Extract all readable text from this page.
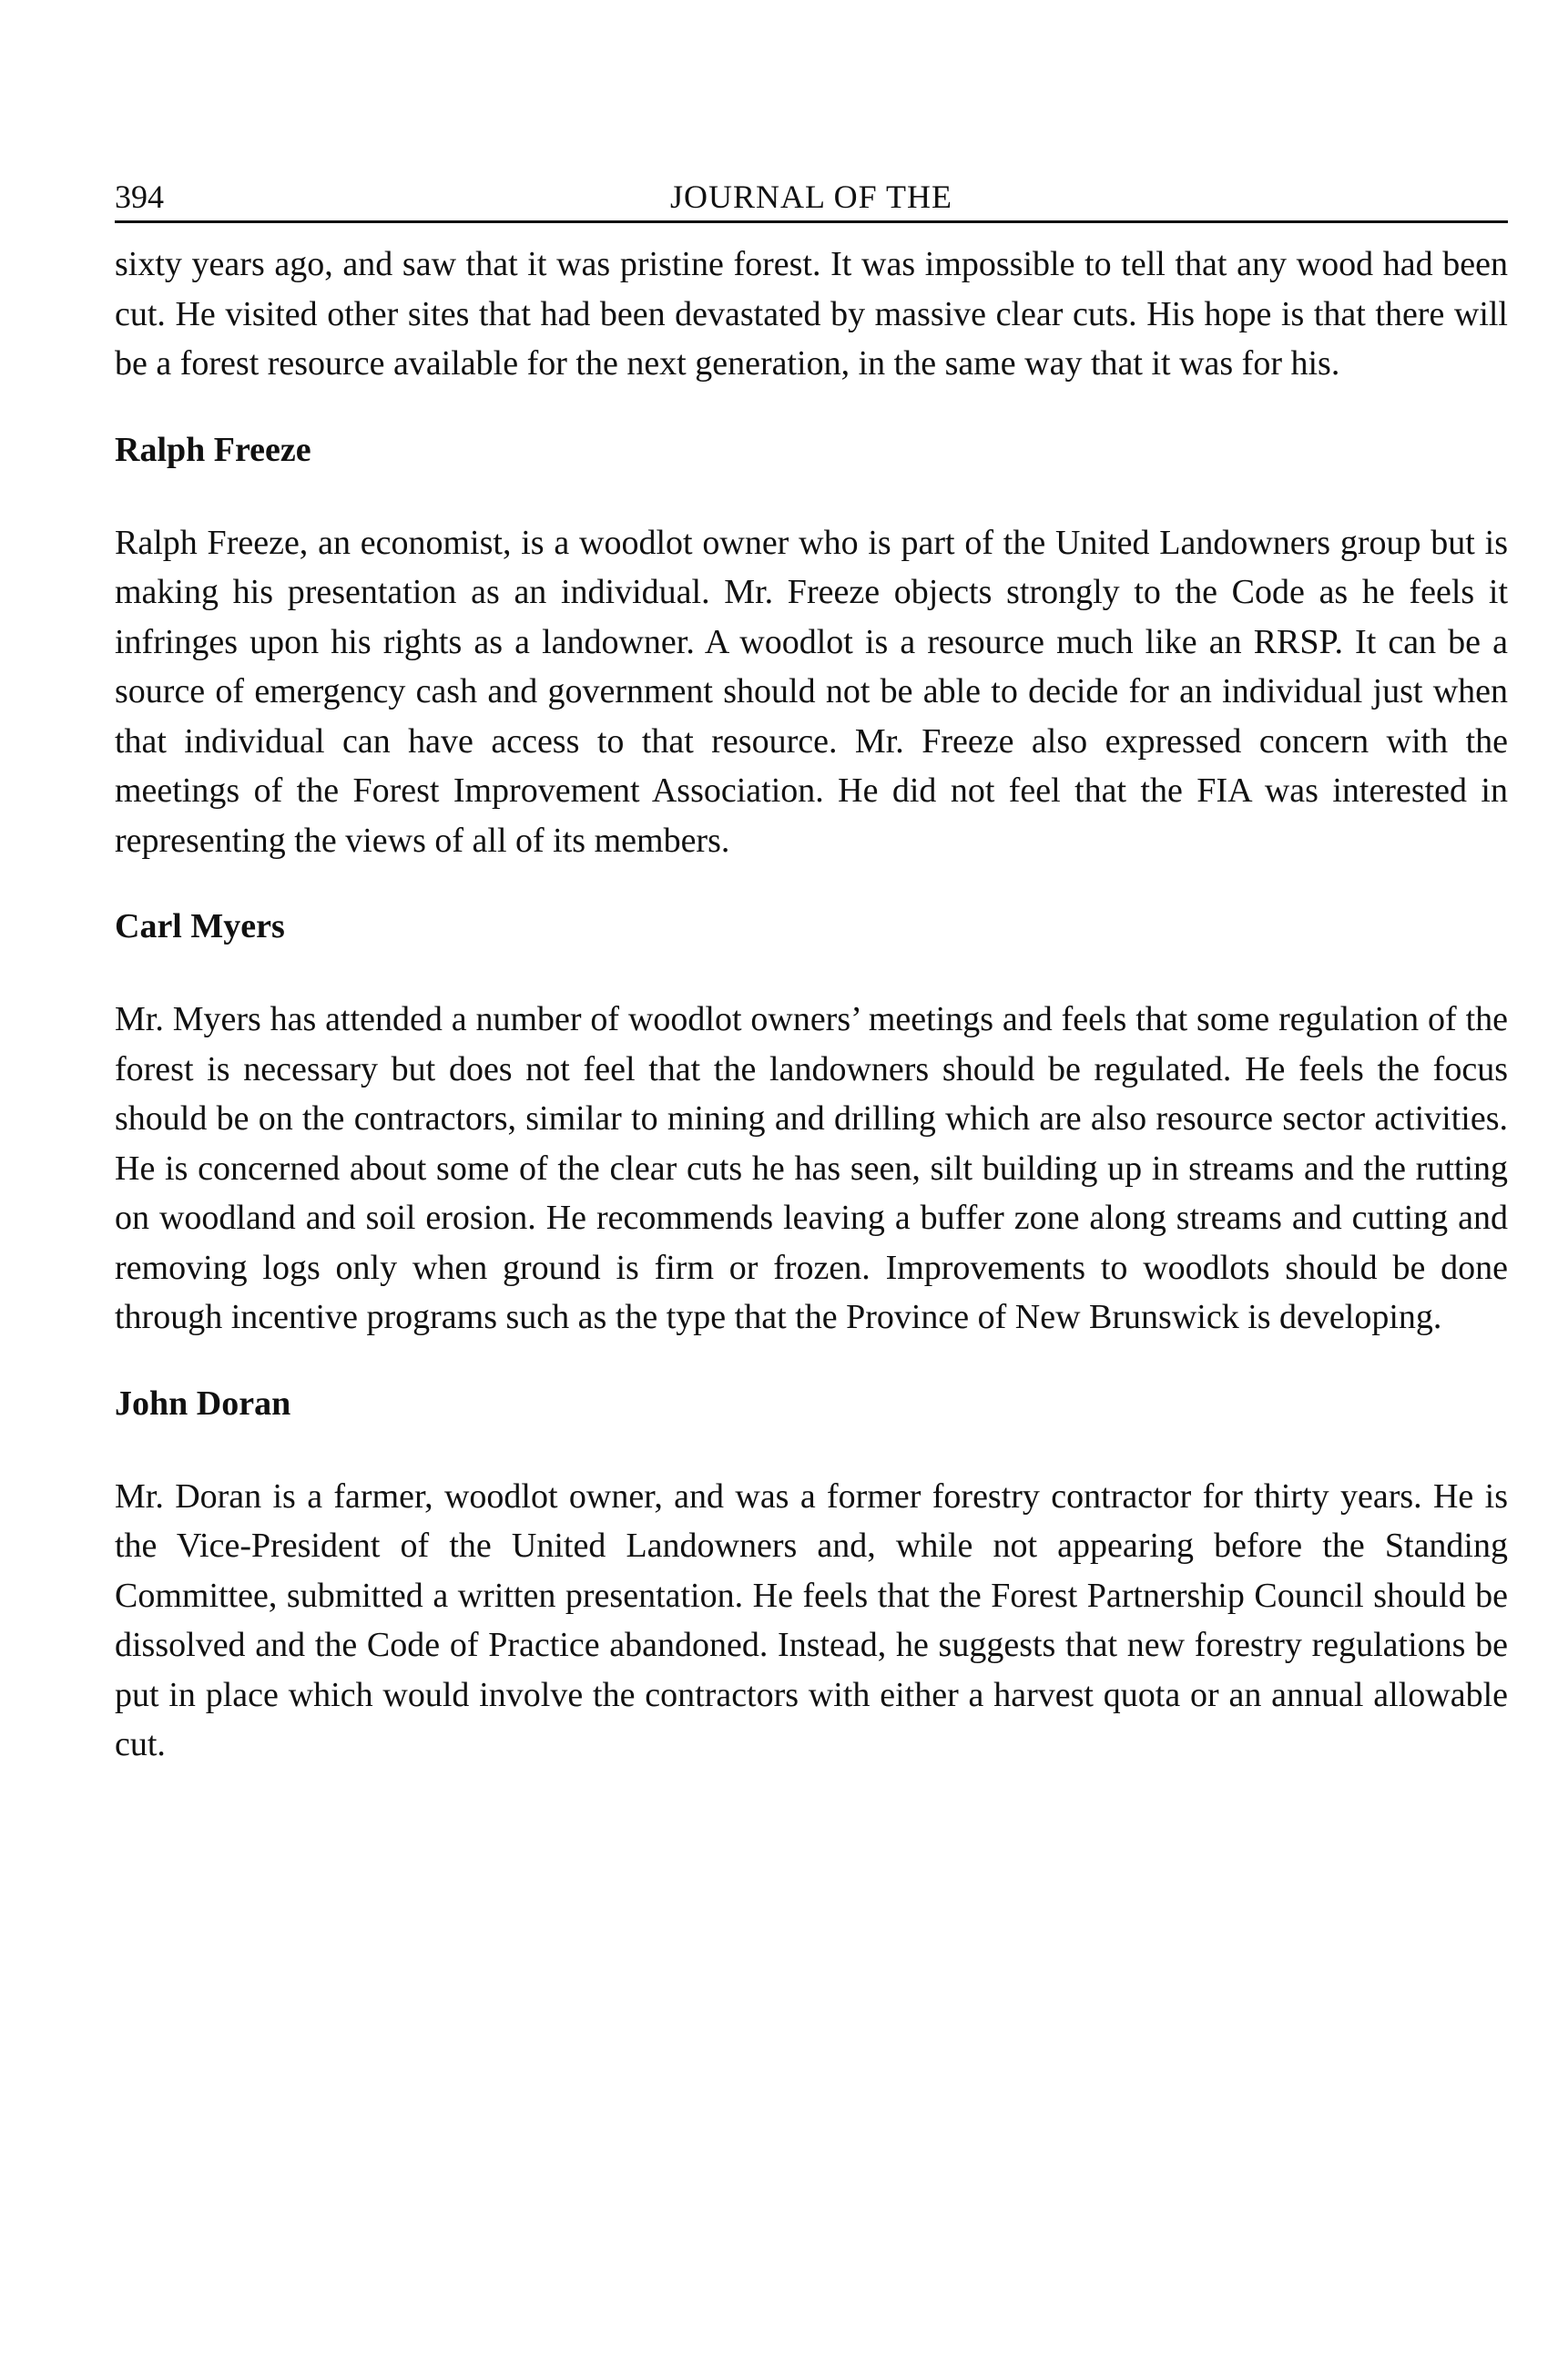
394	JOURNAL OF THE

sixty years ago, and saw that it was pristine forest. It was impossible to tell that any wood had been cut. He visited other sites that had been devastated by massive clear cuts. His hope is that there will be a forest resource available for the next generation, in the same way that it was for his.

Ralph Freeze

Ralph Freeze, an economist, is a woodlot owner who is part of the United Landowners group but is making his presentation as an individual. Mr. Freeze objects strongly to the Code as he feels it infringes upon his rights as a landowner. A woodlot is a resource much like an RRSP. It can be a source of emergency cash and government should not be able to decide for an individual just when that individual can have access to that resource. Mr. Freeze also expressed concern with the meetings of the Forest Improvement Association. He did not feel that the FIA was interested in representing the views of all of its members.

Carl Myers

Mr. Myers has attended a number of woodlot owners’ meetings and feels that some regulation of the forest is necessary but does not feel that the landowners should be regulated. He feels the focus should be on the contractors, similar to mining and drilling which are also resource sector activities. He is concerned about some of the clear cuts he has seen, silt building up in streams and the rutting on woodland and soil erosion. He recommends leaving a buffer zone along streams and cutting and removing logs only when ground is firm or frozen. Improvements to woodlots should be done through incentive programs such as the type that the Province of New Brunswick is developing.

John Doran

Mr. Doran is a farmer, woodlot owner, and was a former forestry contractor for thirty years. He is the Vice-President of the United Landowners and, while not appearing before the Standing Committee, submitted a written presentation. He feels that the Forest Partnership Council should be dissolved and the Code of Practice abandoned. Instead, he suggests that new forestry regulations be put in place which would involve the contractors with either a harvest quota or an annual allowable cut.
